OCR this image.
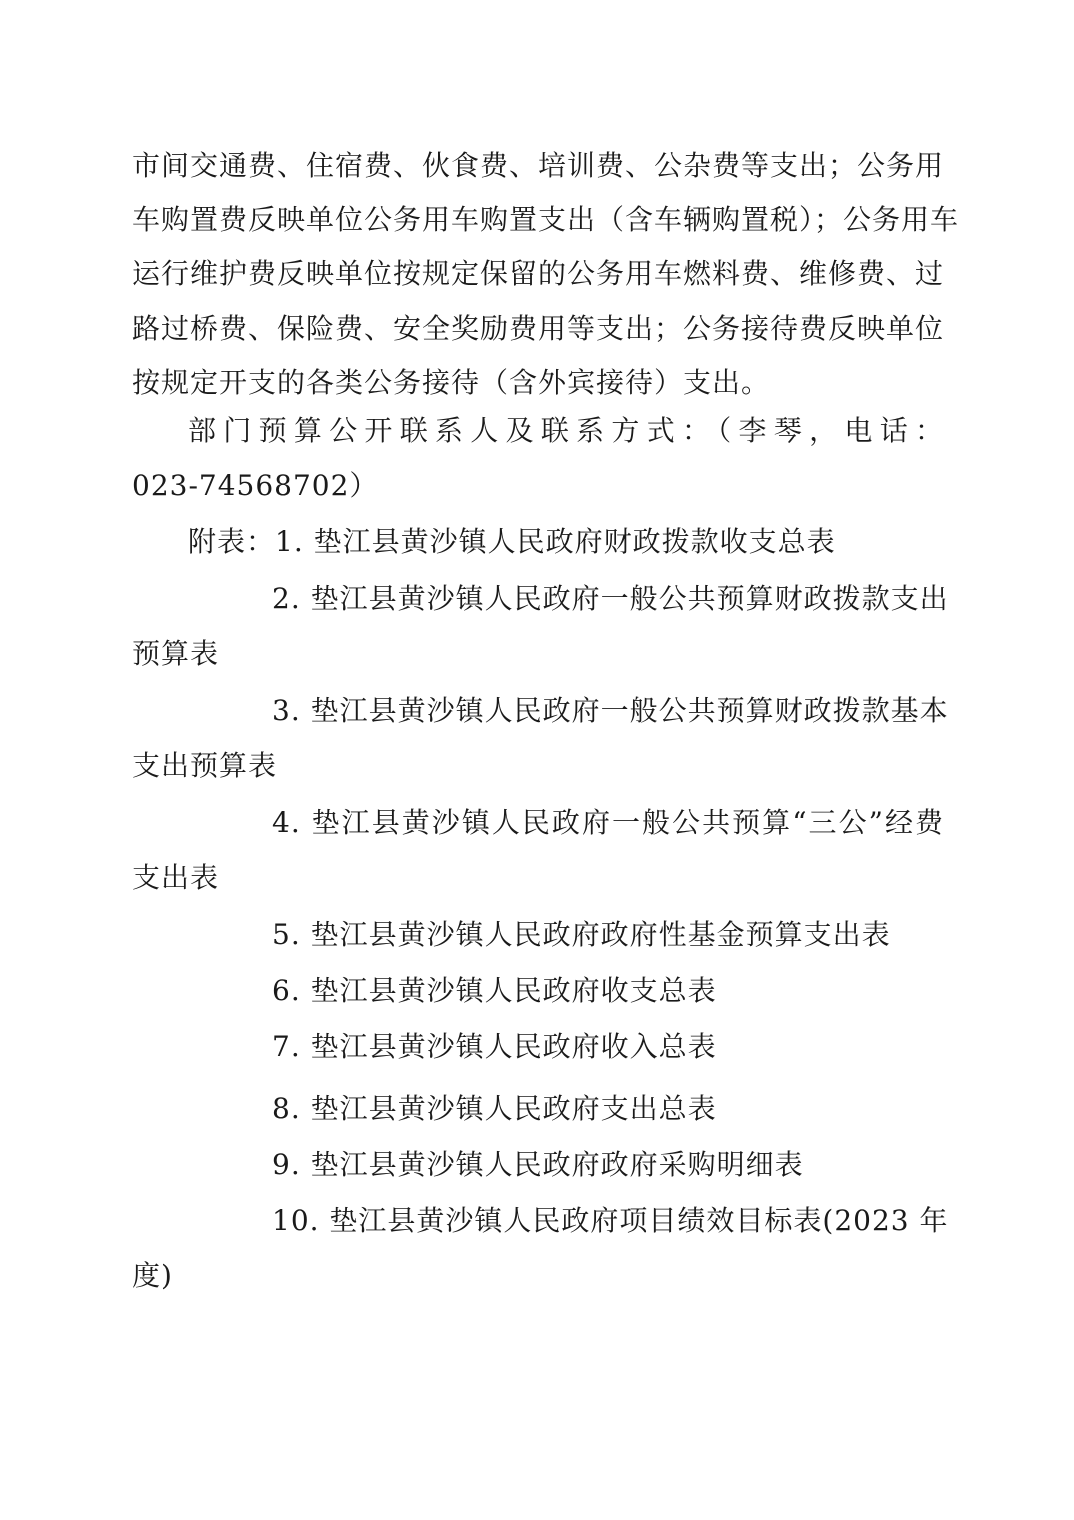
市间交通费、住宿费、伙食费、培训费、公杂费等支出；公务用
车购置费反映单位公务用车购置支出（含车辆购置税）；公务用车
运行维护费反映单位按规定保留的公务用车燃料费、维修费、过
路过桥费、保险费、安全奖励费用等支出；公务接待费反映单位
按规定开支的各类公务接待（含外宾接待）支出。
部门预算公开联系人及联系方式：（李琴，电话：
023-74568702）
附表：1. 垫江县黄沙镇人民政府财政拨款收支总表
2. 垫江县黄沙镇人民政府一般公共预算财政拨款支出
预算表
3. 垫江县黄沙镇人民政府一般公共预算财政拨款基本
支出预算表
4. 垫江县黄沙镇人民政府一般公共预算“三公”经费
支出表
5. 垫江县黄沙镇人民政府政府性基金预算支出表
6. 垫江县黄沙镇人民政府收支总表
7. 垫江县黄沙镇人民政府收入总表
8. 垫江县黄沙镇人民政府支出总表
9. 垫江县黄沙镇人民政府政府采购明细表
10. 垫江县黄沙镇人民政府项目绩效目标表(2023 年
度)
